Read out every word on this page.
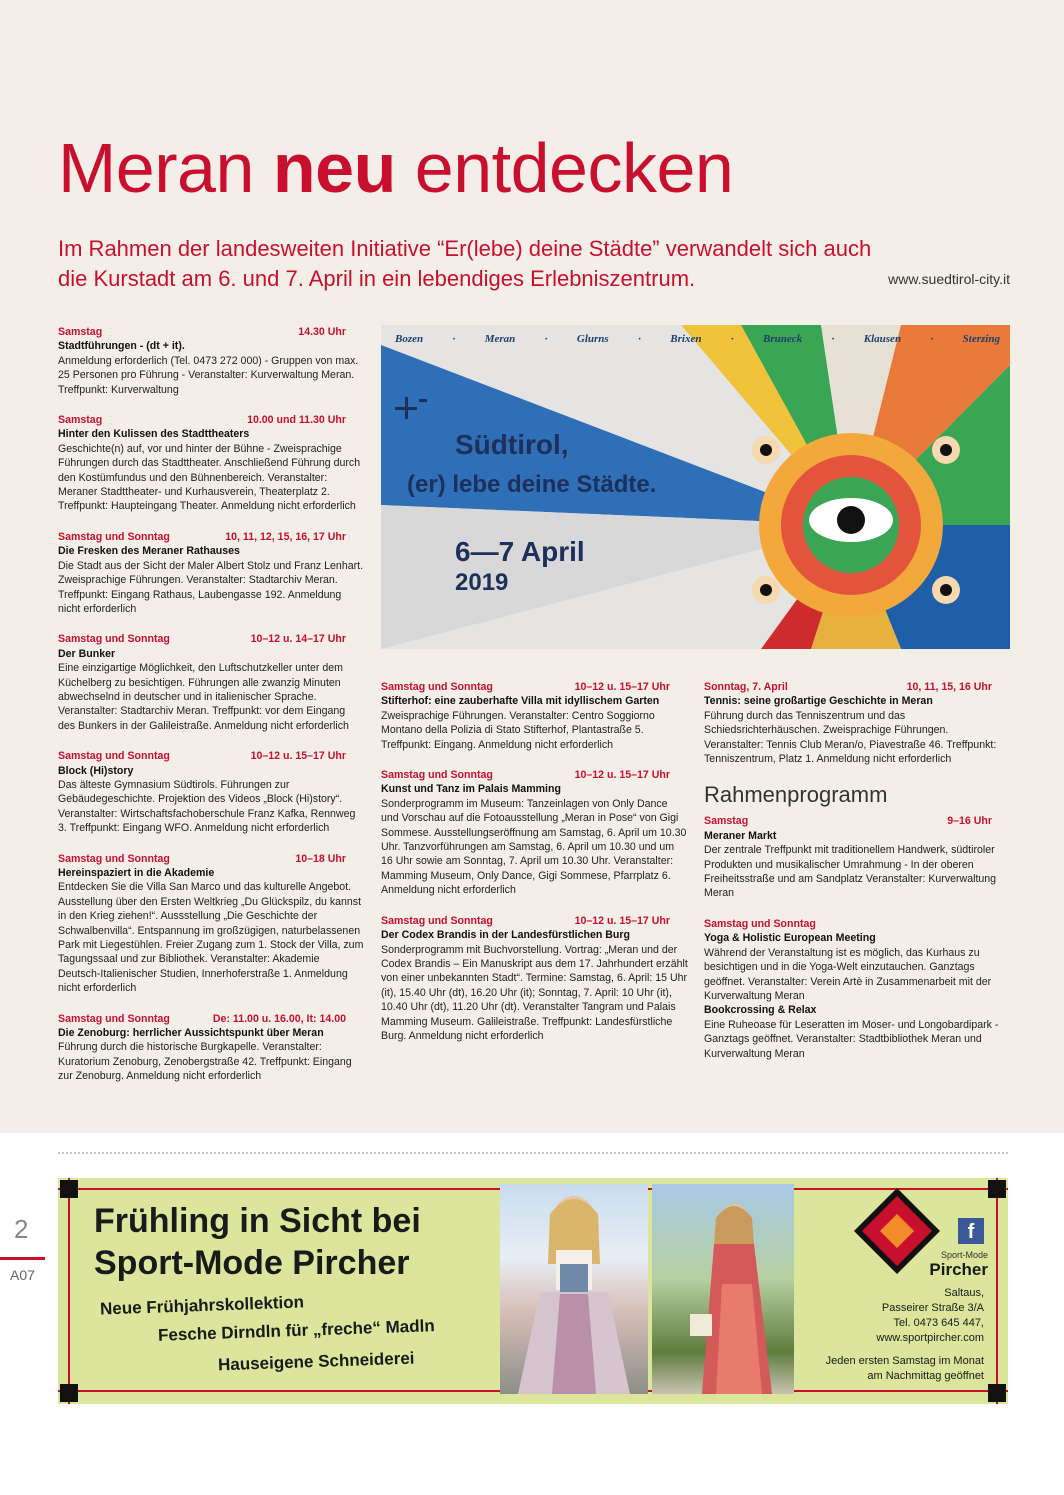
Meran neu entdecken

Im Rahmen der landesweiten Initiative “Er(lebe) deine Städte” verwandelt sich auch die Kurstadt am 6. und 7. April in ein lebendiges Erlebniszentrum.	www.suedtirol-city.it
Samstag	14.30 Uhr
Stadtführungen - (dt + it).
Anmeldung erforderlich (Tel. 0473 272 000) - Gruppen von max. 25 Personen pro Führung - Veranstalter: Kurverwaltung Meran. Treffpunkt: Kurverwaltung
Samstag	10.00 und 11.30 Uhr
Hinter den Kulissen des Stadttheaters
Geschichte(n) auf, vor und hinter der Bühne - Zweisprachige Führungen durch das Stadttheater. Anschließend Führung durch den Kostümfundus und den Bühnenbereich. Veranstalter: Meraner Stadttheater- und Kurhausverein, Theaterplatz 2. Treffpunkt: Haupteingang Theater. Anmeldung nicht erforderlich
Samstag und Sonntag	10, 11, 12, 15, 16, 17 Uhr
Die Fresken des Meraner Rathauses
Die Stadt aus der Sicht der Maler Albert Stolz und Franz Lenhart. Zweisprachige Führungen. Veranstalter: Stadtarchiv Meran. Treffpunkt: Eingang Rathaus, Laubengasse 192. Anmeldung nicht erforderlich
Samstag und Sonntag	10–12 u. 14–17 Uhr
Der Bunker
Eine einzigartige Möglichkeit, den Luftschutzkeller unter dem Küchelberg zu besichtigen. Führungen alle zwanzig Minuten abwechselnd in deutscher und in italienischer Sprache. Veranstalter: Stadtarchiv Meran. Treffpunkt: vor dem Eingang des Bunkers in der Galileistraße. Anmeldung nicht erforderlich
Samstag und Sonntag	10–12 u. 15–17 Uhr
Block (Hi)story
Das älteste Gymnasium Südtirols. Führungen zur Gebäudegeschichte. Projektion des Videos „Block (Hi)story“. Veranstalter: Wirtschaftsfachoberschule Franz Kafka, Rennweg 3. Treffpunkt: Eingang WFO. Anmeldung nicht erforderlich
Samstag und Sonntag	10–18 Uhr
Hereinspaziert in die Akademie
Entdecken Sie die Villa San Marco und das kulturelle Angebot. Ausstellung über den Ersten Weltkrieg „Du Glückspilz, du kannst in den Krieg ziehen!“. Aussstellung „Die Geschichte der Schwalbenvilla“. Entspannung im großzügigen, naturbelassenen Park mit Liegestühlen. Freier Zugang zum 1. Stock der Villa, zum Tagungssaal und zur Bibliothek. Veranstalter: Akademie Deutsch-Italienischer Studien, Innerhoferstraße 1. Anmeldung nicht erforderlich
Samstag und Sonntag	De: 11.00 u. 16.00, It: 14.00
Die Zenoburg: herrlicher Aussichtspunkt über Meran
Führung durch die historische Burgkapelle. Veranstalter: Kuratorium Zenoburg, Zenobergstraße 42. Treffpunkt: Eingang zur Zenoburg. Anmeldung nicht erforderlich
Bozen	·	Meran	·	Glurns	·	Brixen	·	Bruneck	·	Klausen	·	Sterzing
Südtirol,
(er) lebe deine Städte.
6—7 April
2019
Samstag und Sonntag	10–12 u. 15–17 Uhr
Stifterhof: eine zauberhafte Villa mit idyllischem Garten
Zweisprachige Führungen. Veranstalter: Centro Soggiorno Montano della Polizia di Stato Stifterhof, Plantastraße 5. Treffpunkt: Eingang. Anmeldung nicht erforderlich
Samstag und Sonntag	10–12 u. 15–17 Uhr
Kunst und Tanz im Palais Mamming
Sonderprogramm im Museum: Tanzeinlagen von Only Dance und Vorschau auf die Fotoausstellung „Meran in Pose“ von Gigi Sommese. Ausstellungseröffnung am Samstag, 6. April um 10.30 Uhr. Tanzvorführungen am Samstag, 6. April um 10.30 und um 16 Uhr sowie am Sonntag, 7. April um 10.30 Uhr. Veranstalter: Mamming Museum, Only Dance, Gigi Sommese, Pfarrplatz 6. Anmeldung nicht erforderlich
Samstag und Sonntag	10–12 u. 15–17 Uhr
Der Codex Brandis in der Landesfürstlichen Burg
Sonderprogramm mit Buchvorstellung. Vortrag: „Meran und der Codex Brandis – Ein Manuskript aus dem 17. Jahrhundert erzählt von einer unbekannten Stadt“. Termine: Samstag, 6. April: 15 Uhr (it), 15.40 Uhr (dt), 16.20 Uhr (it); Sonntag, 7. April: 10 Uhr (it), 10.40 Uhr (dt), 11.20 Uhr (dt). Veranstalter Tangram und Palais Mamming Museum. Galileistraße. Treffpunkt: Landesfürstliche Burg. Anmeldung nicht erforderlich
Sonntag, 7. April	10, 11, 15, 16 Uhr
Tennis: seine großartige Geschichte in Meran
Führung durch das Tenniszentrum und das Schiedsrichterhäuschen. Zweisprachige Führungen. Veranstalter: Tennis Club Meran/o, Piavestraße 46. Treffpunkt: Tenniszentrum, Platz 1. Anmeldung nicht erforderlich
Rahmenprogramm
Samstag	9–16 Uhr
Meraner Markt
Der zentrale Treffpunkt mit traditionellem Handwerk, südtiroler Produkten und musikalischer Umrahmung - In der oberen Freiheitsstraße und am Sandplatz Veranstalter: Kurverwaltung Meran
Samstag und Sonntag
Yoga & Holistic European Meeting
Während der Veranstaltung ist es möglich, das Kurhaus zu besichtigen und in die Yoga-Welt einzutauchen. Ganztags geöffnet. Veranstalter: Verein Artè in Zusammenarbeit mit der Kurverwaltung Meran
Bookcrossing & Relax
Eine Ruheoase für Leseratten im Moser- und Longobardipark - Ganztags geöffnet. Veranstalter: Stadtbibliothek Meran und Kurverwaltung Meran
2
A07
Frühling in Sicht bei
Sport-Mode Pircher
Neue Frühjahrskollektion
Fesche Dirndln für „freche“ Madln
Hauseigene Schneiderei
f
Sport-Mode
Pircher
Saltaus,
Passeirer Straße 3/A
Tel. 0473 645 447,
www.sportpircher.com
Jeden ersten Samstag im Monat
am Nachmittag geöffnet
